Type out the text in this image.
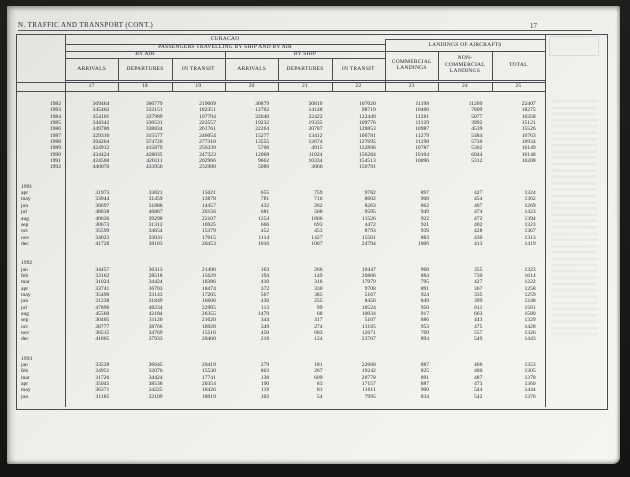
N. TRAFFIC AND TRANSPORT (CONT.)	17
CURACAO
PASSENGERS TRAVELLING BY SHIP AND BY AIR	LANDINGS OF AIRCRAFTS
BY AIR	BY SHIP
ARRIVALS	DEPARTURES	IN TRANSIT	ARRIVALS	DEPARTURES	IN TRANSIT
COMMERCIAL LANDINGS
NON-COMMERCIAL LANDINGS
TOTAL
17	18	19	20	21	22	23	24	25
1982	369464	360779	219009	30879	30810	107020	11198	11209	22407
1983	345462	332151	182351	12702	14148	98719	10466	7809	18275
1984	354101	337989	197794	22640	22422	122449	11281	5077	16358
1985	344342	330531	223557	19232	19335	109776	11129	3992	15121
1986	349700	338834	261761	22264	20787	129853	10987	4539	15526
1987	329316	315577	246054	15277	13412	106781	11279	5484	16763
1988	394264	374720	277310	13555	12674	127695	11198	5736	16934
1989	424912	415879	256339	5706	4915	122896	10787	5362	16149
1990	434424	428035	247323	12068	11024	156284	10104	6044	16148
1991	424568	420111	202966	9662	10334	154513	10896	5312	16208
1992	440070	433956	232980	5089	3066	156791
1991
apr	31973	33821	15021	655	759	9782	897	427	1324
may	33944	31459	13878	781	716	8602	908	454	1362
jun	30697	31888	14457	432	262	8263	862	407	1269
jul	48638	46867	20156	681	568	9595	949	474	1423
aug	40636	39298	22107	1254	1806	11526	922	472	1394
sep	30673	31312	16925	666	693	4472	921	402	1323
oct	35599	34654	15379	452	453	8793	939	428	1367
nov	34023	33031	17015	1114	1427	15501	883	430	1313
dec	41728	38183	20453	1016	1007	24794	1006	413	1419
1992
jan	34457	36313	21496	163	266	19447	968	355	1323
feb	33162	28518	15629	194	149	20806	884	730	1614
mar	31024	34424	18386	410	316	17979	795	427	1222
apr	33741	36703	18474	372	330	9708	891	367	1258
may	35490	33143	17205	567	385	5167	924	335	1259
jun	31238	31849	16606	430	255	8456	849	399	1248
jul	47896	48234	22905	113	99	10524	950	611	1561
aug	45560	42184	26355	1479	68	10034	917	663	1580
sep	30405	31120	21020	344	317	5107	886	443	1329
oct	38777	38766	18928	349	274	13185	953	475	1428
nov	36515	34769	15516	450	683	12671	769	557	1326
dec	41805	37933	20460	218	124	23707	894	549	1443
1993
jan	33528	36645	20419	279	181	22668	887	466	1353
feb	34951	32076	15530	863	267	19242	825	480	1305
mar	31726	34424	17741	138	609	20778	891	487	1378
apr	35045	38538	20354	190	83	17157	887	473	1360
may	36371	34225	18426	119	81	11611	900	544	1444
jun	31185	32109	18019	102	54	7995	834	542	1376
